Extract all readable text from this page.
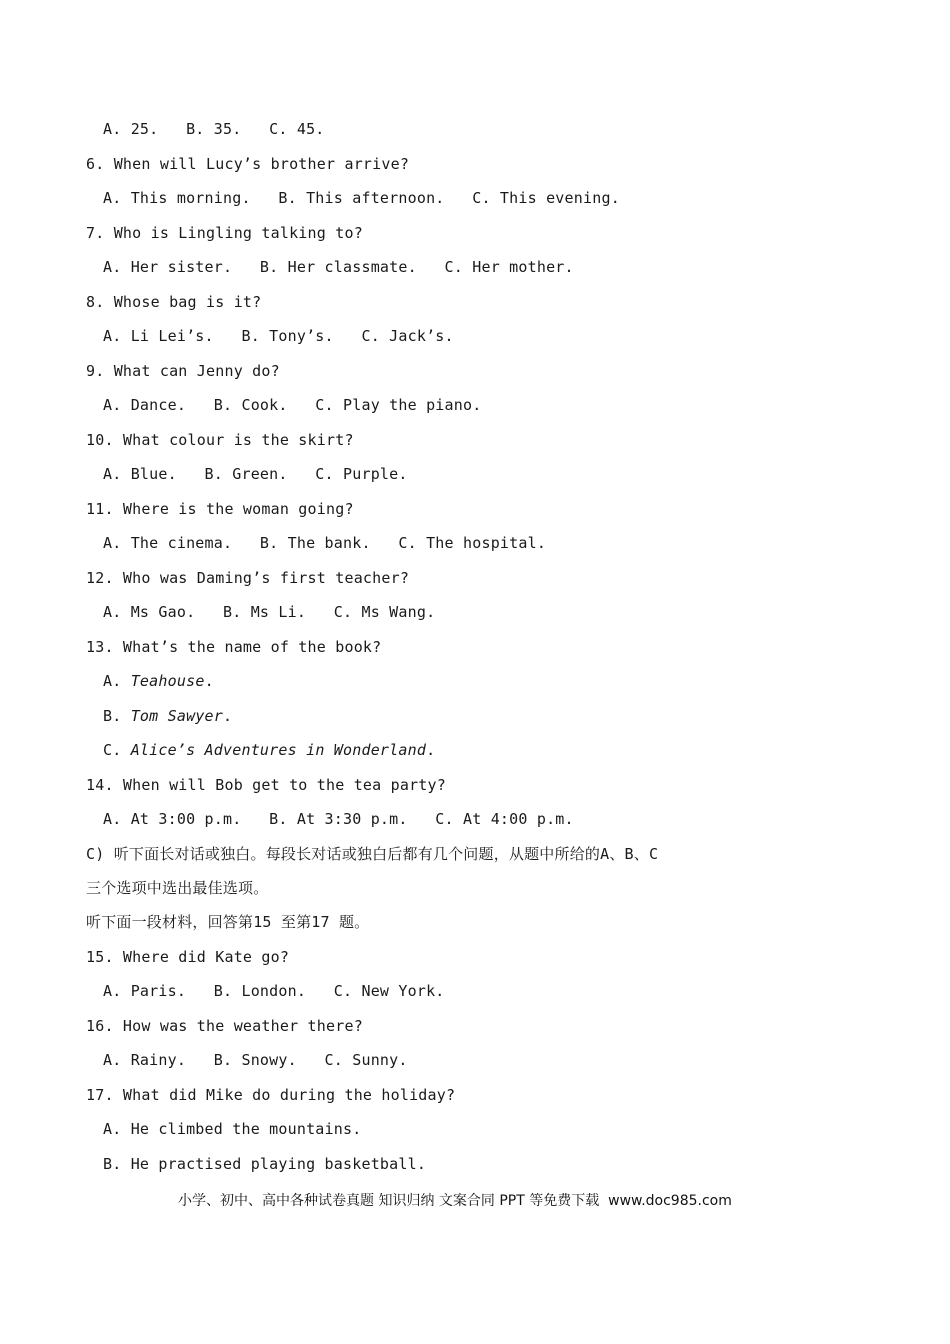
A. 25.   B. 35.   C. 45.
6. When will Lucy’s brother arrive?
A. This morning.   B. This afternoon.   C. This evening.
7. Who is Lingling talking to?
A. Her sister.   B. Her classmate.   C. Her mother.
8. Whose bag is it?
A. Li Lei’s.   B. Tony’s.   C. Jack’s.
9. What can Jenny do?
A. Dance.   B. Cook.   C. Play the piano.
10. What colour is the skirt?
A. Blue.   B. Green.   C. Purple.
11. Where is the woman going?
A. The cinema.   B. The bank.   C. The hospital.
12. Who was Daming’s first teacher?
A. Ms Gao.   B. Ms Li.   C. Ms Wang.
13. What’s the name of the book?
A. Teahouse.
B. Tom Sawyer.
C. Alice’s Adventures in Wonderland.
14. When will Bob get to the tea party?
A. At 3:00 p.m.   B. At 3:30 p.m.   C. At 4:00 p.m.
C) 听下面长对话或独白。每段长对话或独白后都有几个问题，从题中所给的A、B、C
三个选项中选出最佳选项。
听下面一段材料，回答第15 至第17 题。
15. Where did Kate go?
A. Paris.   B. London.   C. New York.
16. How was the weather there?
A. Rainy.   B. Snowy.   C. Sunny.
17. What did Mike do during the holiday?
A. He climbed the mountains.
B. He practised playing basketball.
小学、初中、高中各种试卷真题 知识归纳 文案合同 PPT 等免费下载  www.doc985.com
